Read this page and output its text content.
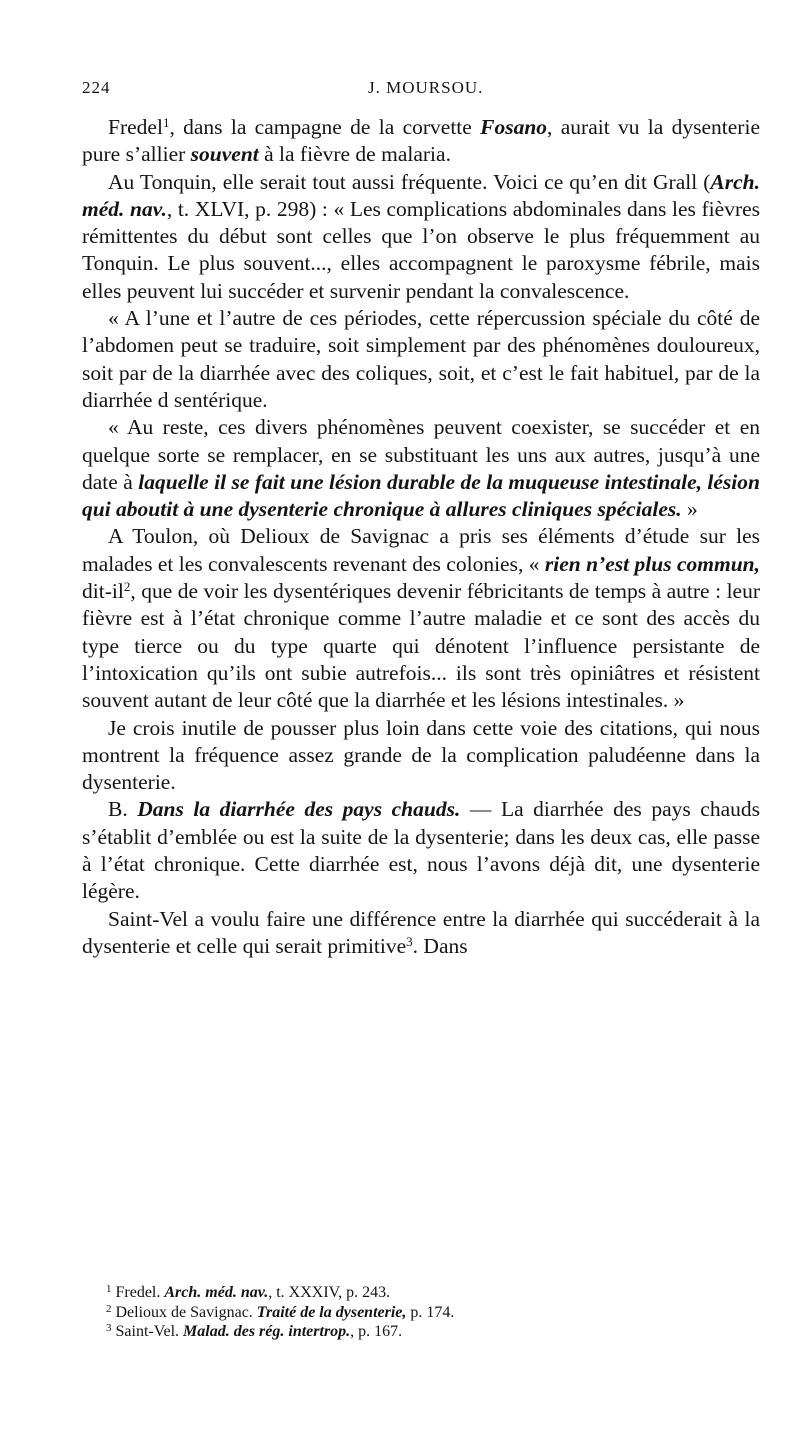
224	J. MOURSOU.

Fredel$^1$, dans la campagne de la corvette Fosano, aurait vu la dysenterie pure s’allier souvent à la fièvre de malaria.

Au Tonquin, elle serait tout aussi fréquente. Voici ce qu’en dit Grall (Arch. méd. nav., t. XLVI, p. 298) : « Les complications abdominales dans les fièvres rémittentes du début sont celles que l’on observe le plus fréquemment au Tonquin. Le plus souvent..., elles accompagnent le paroxysme fébrile, mais elles peuvent lui succéder et survenir pendant la convalescence.

« A l’une et l’autre de ces périodes, cette répercussion spéciale du côté de l’abdomen peut se traduire, soit simplement par des phénomènes douloureux, soit par de la diarrhée avec des coliques, soit, et c’est le fait habituel, par de la diarrhée d sentérique.

« Au reste, ces divers phénomènes peuvent coexister, se succéder et en quelque sorte se remplacer, en se substituant les uns aux autres, jusqu’à une date à laquelle il se fait une lésion durable de la muqueuse intestinale, lésion qui aboutit à une dysenterie chronique à allures cliniques spéciales. »

A Toulon, où Delioux de Savignac a pris ses éléments d’étude sur les malades et les convalescents revenant des colonies, « rien n’est plus commun, dit-$il^2$, que de voir les dysentériques devenir fébricitants de temps à autre : leur fièvre est à l’état chronique comme l’autre maladie et ce sont des accès du type tierce ou du type quarte qui dénotent l’influence persistante de l’intoxication qu’ils ont subie autrefois... ils sont très opiniâtres et résistent souvent autant de leur côté que la diarrhée et les lésions intestinales. »

Je crois inutile de pousser plus loin dans cette voie des citations, qui nous montrent la fréquence assez grande de la complication paludéenne dans la dysenterie.

B. Dans la diarrhée des pays chauds. — La diarrhée des pays chauds s’établit d’emblée ou est la suite de la dysenterie; dans les deux cas, elle passe à l’état chronique. Cette diarrhée est, nous l’avons déjà dit, une dysenterie légère.

Saint-Vel a voulu faire une différence entre la diarrhée qui succéderait à la dysenterie et celle qui serait primitive$^3$. Dans

$^1$ Fredel. Arch. méd. nav., t. XXXIV, p. 243.
$^2$ Delioux de Savignac. Traité de la dysenterie, p. 174.
$^3$ Saint-Vel. Malad. des rég. intertrop., p. 167.
